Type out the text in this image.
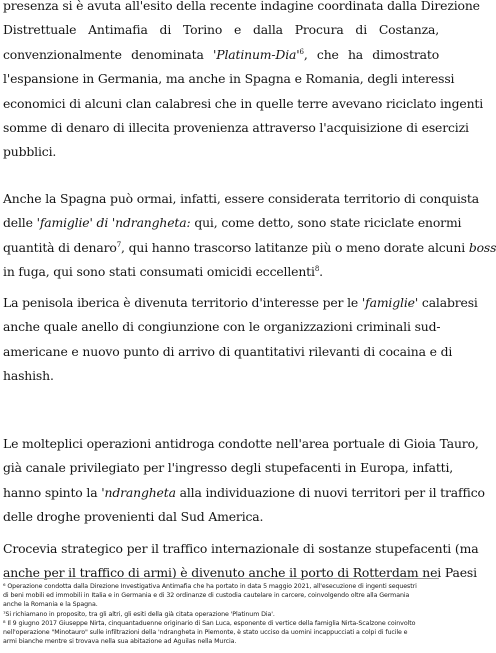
presenza si è avuta all'esito della recente indagine coordinata dalla Direzione
Distrettuale Antimafia di Torino e dalla Procura di Costanza,
convenzionalmente denominata '$Platinum-Dia'^6$, che ha dimostrato
l'espansione in Germania, ma anche in Spagna e Romania, degli interessi
economici di alcuni clan calabresi che in quelle terre avevano riciclato ingenti
somme di denaro di illecita provenienza attraverso l'acquisizione di esercizi
pubblici.
Anche la Spagna può ormai, infatti, essere considerata territorio di conquista
delle 'famiglie' di 'ndrangheta: qui, come detto, sono state riciclate enormi
quantità di denaro$^7$, qui hanno trascorso latitanze più o meno dorate alcuni boss
in fuga, qui sono stati consumati omicidi eccellenti$^8$.
La penisola iberica è divenuta territorio d'interesse per le 'famiglie' calabresi
anche quale anello di congiunzione con le organizzazioni criminali sud-
americane e nuovo punto di arrivo di quantitativi rilevanti di cocaina e di
hashish.
Le molteplici operazioni antidroga condotte nell'area portuale di Gioia Tauro,
già canale privilegiato per l'ingresso degli stupefacenti in Europa, infatti,
hanno spinto la 'ndrangheta alla individuazione di nuovi territori per il traffico
delle droghe provenienti dal Sud America.
Crocevia strategico per il traffico internazionale di sostanze stupefacenti (ma
anche per il traffico di armi) è divenuto anche il porto di Rotterdam nei Paesi
⁶ Operazione condotta dalla Direzione Investigativa Antimafia che ha portato in data 5 maggio 2021, all'esecuzione di ingenti sequestri
di beni mobili ed immobili in Italia e in Germania e di 32 ordinanze di custodia cautelare in carcere, coinvolgendo oltre alla Germania
anche la Romania e la Spagna.
⁷Si richiamano in proposito, tra gli altri, gli esiti della già citata operazione 'Platinum Dia'.
⁸ Il 9 giugno 2017 Giuseppe Nirta, cinquantaduenne originario di San Luca, esponente di vertice della famiglia Nirta-Scalzone coinvolto
nell'operazione "Minotauro" sulle infiltrazioni della 'ndrangheta in Piemonte, è stato ucciso da uomini incappucciati a colpi di fucile e
armi bianche mentre si trovava nella sua abitazione ad Aguilas nella Murcia.
